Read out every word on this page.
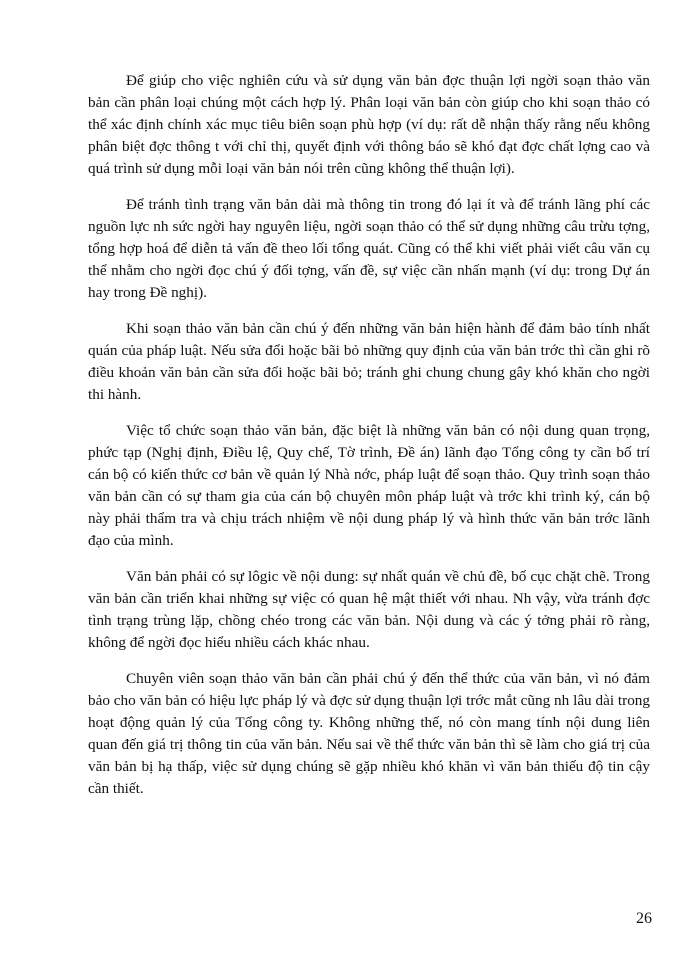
Để giúp cho việc nghiên cứu và sử dụng văn bản đợc thuận lợi ngời soạn thảo văn bản cần phân loại chúng một cách hợp lý. Phân loại văn bản còn giúp cho khi soạn thảo có thể xác định chính xác mục tiêu biên soạn phù hợp (ví dụ: rất dễ nhận thấy rằng nếu không phân biệt đợc thông t với chỉ thị, quyết định với thông báo sẽ khó đạt đợc chất lợng cao và quá trình sử dụng mỗi loại văn bản nói trên cũng không thể thuận lợi).

Để tránh tình trạng văn bản dài mà thông tin trong đó lại ít và để tránh lãng phí các nguồn lực nh sức ngời hay nguyên liệu, ngời soạn thảo có thể sử dụng những câu trừu tợng, tổng hợp hoá để diễn tả vấn đề theo lối tổng quát. Cũng có thể khi viết phải viết câu văn cụ thể nhằm cho ngời đọc chú ý đối tợng, vấn đề, sự việc cần nhấn mạnh (ví dụ: trong Dự án hay trong Đề nghị).

Khi soạn thảo văn bản cần chú ý đến những văn bản hiện hành để đảm bảo tính nhất quán của pháp luật. Nếu sửa đổi hoặc bãi bỏ những quy định của văn bản trớc thì cần ghi rõ điều khoản văn bản cần sửa đổi hoặc bãi bỏ; tránh ghi chung chung gây khó khăn cho ngời thi hành.

Việc tổ chức soạn thảo văn bản, đặc biệt là những văn bản có nội dung quan trọng, phức tạp (Nghị định, Điều lệ, Quy chế, Tờ trình, Đề án) lãnh đạo Tổng công ty cần bố trí cán bộ có kiến thức cơ bản về quản lý Nhà nớc, pháp luật để soạn thảo. Quy trình soạn thảo văn bản cần có sự tham gia của cán bộ chuyên môn pháp luật và trớc khi trình ký, cán bộ này phải thẩm tra và chịu trách nhiệm về nội dung pháp lý và hình thức văn bản trớc lãnh đạo của mình.

Văn bản phải có sự lôgic về nội dung: sự nhất quán về chủ đề, bố cục chặt chẽ. Trong văn bản cần triển khai những sự việc có quan hệ mật thiết với nhau. Nh vậy, vừa tránh đợc tình trạng trùng lặp, chồng chéo trong các văn bản. Nội dung và các ý tởng phải rõ ràng, không để ngời đọc hiểu nhiều cách khác nhau.

Chuyên viên soạn thảo văn bản cần phải chú ý đến thể thức của văn bản, vì nó đảm bảo cho văn bản có hiệu lực pháp lý và đợc sử dụng thuận lợi trớc mắt cũng nh lâu dài trong hoạt động quản lý của Tổng công ty. Không những thế, nó còn mang tính nội dung liên quan đến giá trị thông tin của văn bản. Nếu sai về thể thức văn bản thì sẽ làm cho giá trị của văn bản bị hạ thấp, việc sử dụng chúng sẽ gặp nhiều khó khăn vì văn bản thiếu độ tin cậy cần thiết.

26
